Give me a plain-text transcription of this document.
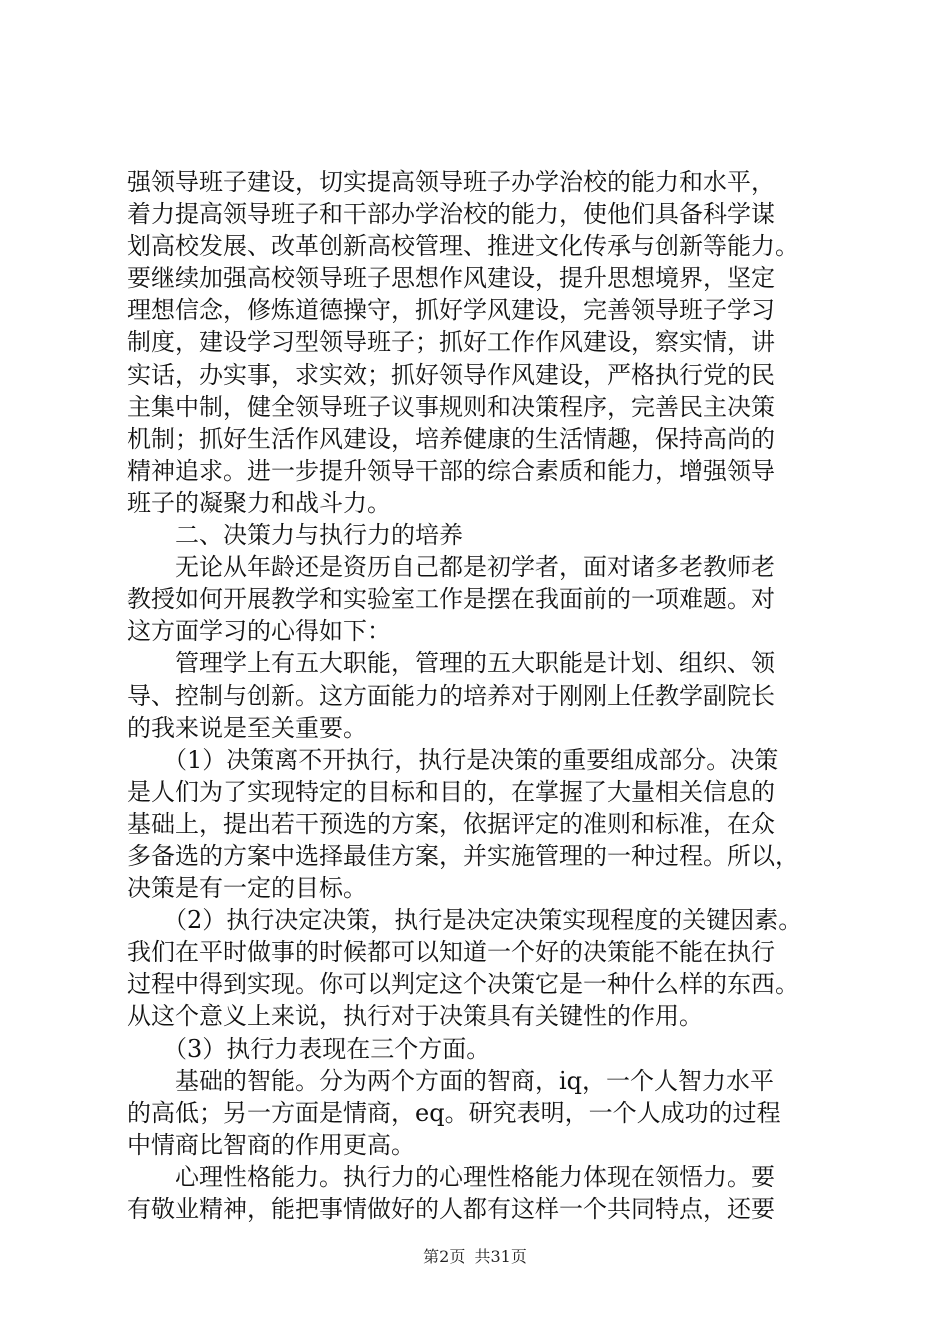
强领导班子建设，切实提高领导班子办学治校的能力和水平，
着力提高领导班子和干部办学治校的能力，使他们具备科学谋
划高校发展、改革创新高校管理、推进文化传承与创新等能力。
要继续加强高校领导班子思想作风建设，提升思想境界，坚定
理想信念，修炼道德操守，抓好学风建设，完善领导班子学习
制度，建设学习型领导班子；抓好工作作风建设，察实情，讲
实话，办实事，求实效；抓好领导作风建设，严格执行党的民
主集中制，健全领导班子议事规则和决策程序，完善民主决策
机制；抓好生活作风建设，培养健康的生活情趣，保持高尚的
精神追求。进一步提升领导干部的综合素质和能力，增强领导
班子的凝聚力和战斗力。
　　二、决策力与执行力的培养
　　无论从年龄还是资历自己都是初学者，面对诸多老教师老
教授如何开展教学和实验室工作是摆在我面前的一项难题。对
这方面学习的心得如下：
　　管理学上有五大职能，管理的五大职能是计划、组织、领
导、控制与创新。这方面能力的培养对于刚刚上任教学副院长
的我来说是至关重要。
　　（1）决策离不开执行，执行是决策的重要组成部分。决策
是人们为了实现特定的目标和目的，在掌握了大量相关信息的
基础上，提出若干预选的方案，依据评定的准则和标准，在众
多备选的方案中选择最佳方案，并实施管理的一种过程。所以，
决策是有一定的目标。
　　（2）执行决定决策，执行是决定决策实现程度的关键因素。
我们在平时做事的时候都可以知道一个好的决策能不能在执行
过程中得到实现。你可以判定这个决策它是一种什么样的东西。
从这个意义上来说，执行对于决策具有关键性的作用。
　　（3）执行力表现在三个方面。
　　基础的智能。分为两个方面的智商，iq，一个人智力水平
的高低；另一方面是情商，eq。研究表明，一个人成功的过程
中情商比智商的作用更高。
　　心理性格能力。执行力的心理性格能力体现在领悟力。要
有敬业精神，能把事情做好的人都有这样一个共同特点，还要
第2页 共31页
